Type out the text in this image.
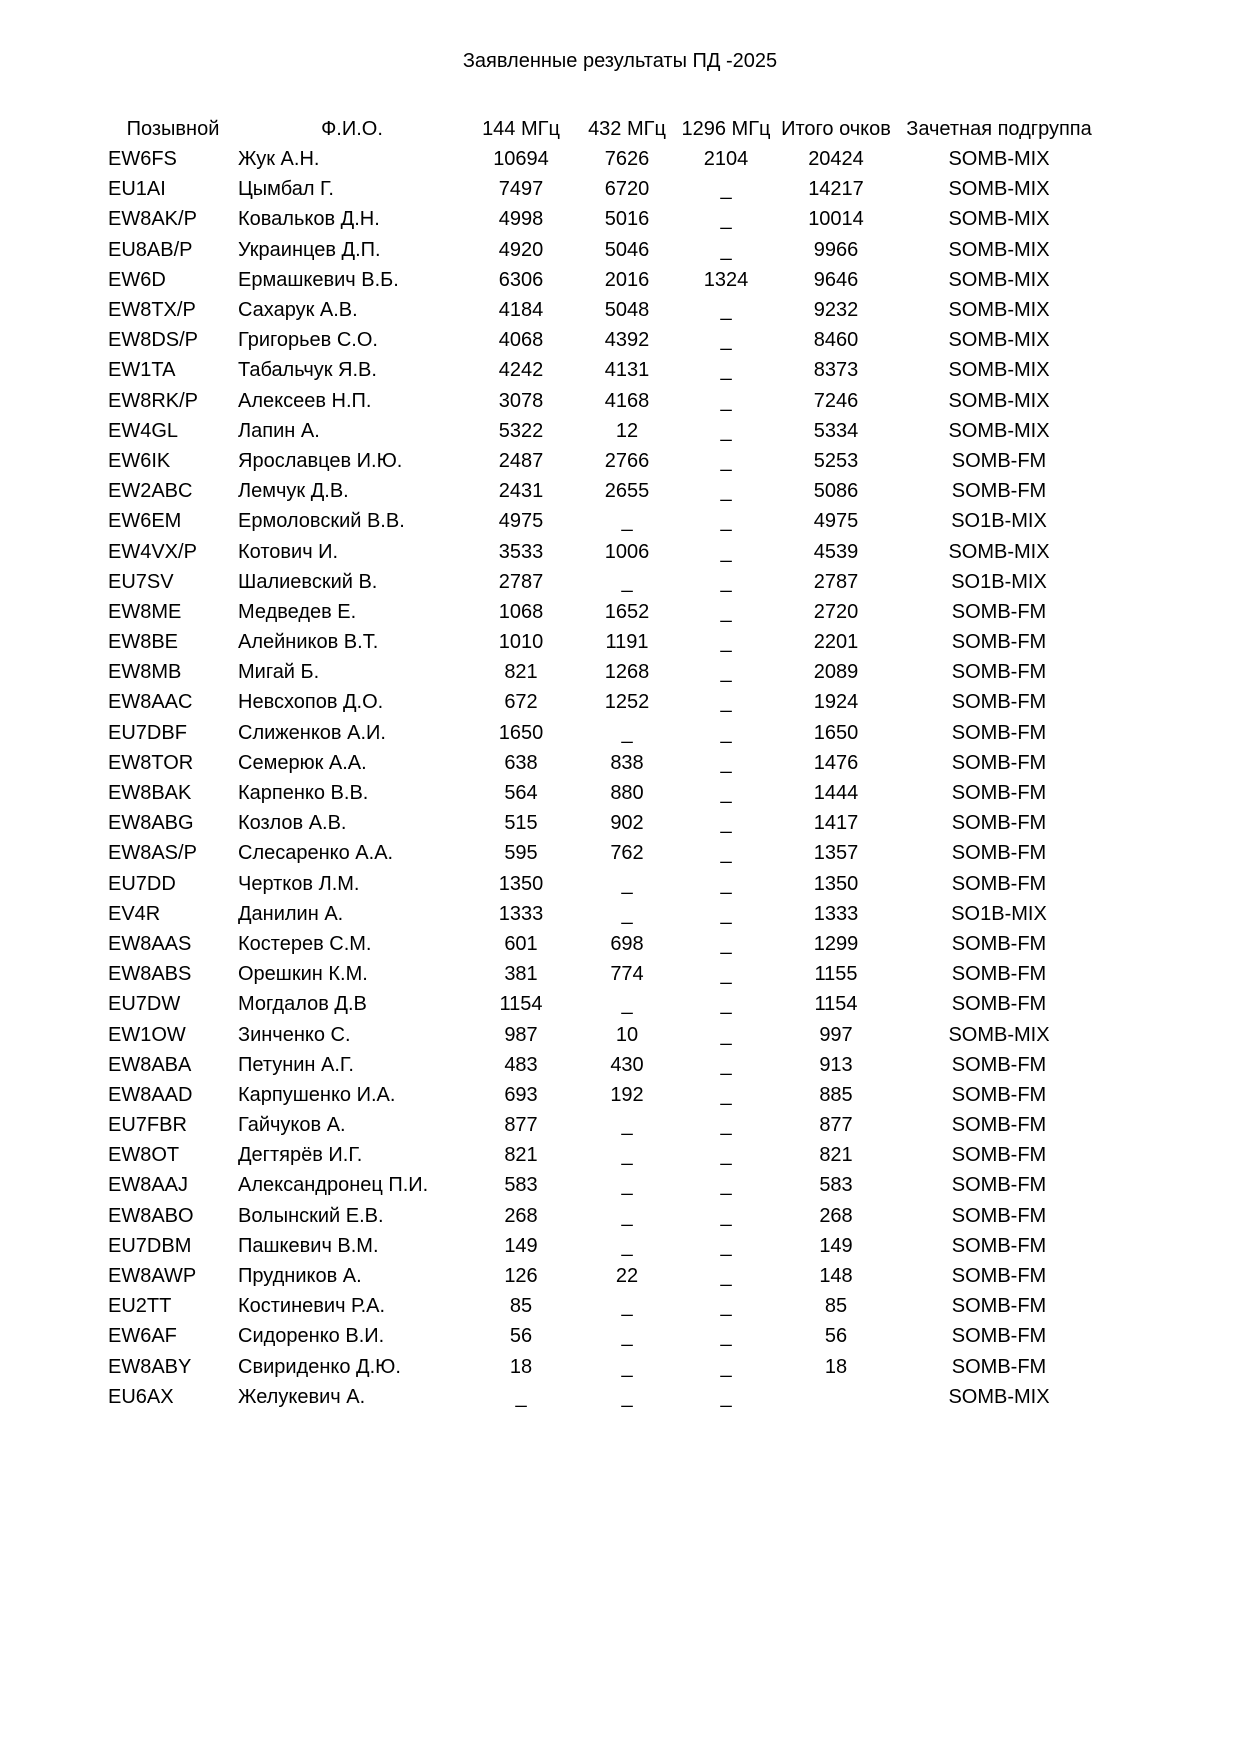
Заявленные результаты ПД -2025
Позывной	Ф.И.О.	144 МГц	432 МГц	1296 МГц	Итого очков	Зачетная подгруппа
EW6FS	Жук А.Н.	10694	7626	2104	20424	SOMB-MIX
EU1AI	Цымбал Г.	7497	6720	_	14217	SOMB-MIX
EW8AK/P	Ковальков Д.Н.	4998	5016	_	10014	SOMB-MIX
EU8AB/P	Украинцев Д.П.	4920	5046	_	9966	SOMB-MIX
EW6D	Ермашкевич В.Б.	6306	2016	1324	9646	SOMB-MIX
EW8TX/P	Сахарук А.В.	4184	5048	_	9232	SOMB-MIX
EW8DS/P	Григорьев С.О.	4068	4392	_	8460	SOMB-MIX
EW1TA	Табальчук Я.В.	4242	4131	_	8373	SOMB-MIX
EW8RK/P	Алексеев Н.П.	3078	4168	_	7246	SOMB-MIX
EW4GL	Лапин А.	5322	12	_	5334	SOMB-MIX
EW6IK	Ярославцев И.Ю.	2487	2766	_	5253	SOMB-FM
EW2ABC	Лемчук Д.В.	2431	2655	_	5086	SOMB-FM
EW6EM	Ермоловский В.В.	4975	_	_	4975	SO1B-MIX
EW4VX/P	Котович И.	3533	1006	_	4539	SOMB-MIX
EU7SV	Шалиевский В.	2787	_	_	2787	SO1B-MIX
EW8ME	Медведев Е.	1068	1652	_	2720	SOMB-FM
EW8BE	Алейников В.Т.	1010	1191	_	2201	SOMB-FM
EW8MB	Мигай Б.	821	1268	_	2089	SOMB-FM
EW8AAC	Невсхопов Д.О.	672	1252	_	1924	SOMB-FM
EU7DBF	Слиженков А.И.	1650	_	_	1650	SOMB-FM
EW8TOR	Семерюк А.А.	638	838	_	1476	SOMB-FM
EW8BAK	Карпенко В.В.	564	880	_	1444	SOMB-FM
EW8ABG	Козлов А.В.	515	902	_	1417	SOMB-FM
EW8AS/P	Слесаренко А.А.	595	762	_	1357	SOMB-FM
EU7DD	Чертков Л.М.	1350	_	_	1350	SOMB-FM
EV4R	Данилин А.	1333	_	_	1333	SO1B-MIX
EW8AAS	Костерев С.М.	601	698	_	1299	SOMB-FM
EW8ABS	Орешкин К.М.	381	774	_	1155	SOMB-FM
EU7DW	Могдалов Д.В	1154	_	_	1154	SOMB-FM
EW1OW	Зинченко С.	987	10	_	997	SOMB-MIX
EW8ABA	Петунин А.Г.	483	430	_	913	SOMB-FM
EW8AAD	Карпушенко И.А.	693	192	_	885	SOMB-FM
EU7FBR	Гайчуков А.	877	_	_	877	SOMB-FM
EW8OT	Дегтярёв И.Г.	821	_	_	821	SOMB-FM
EW8AAJ	Александронец П.И.	583	_	_	583	SOMB-FM
EW8ABO	Волынский Е.В.	268	_	_	268	SOMB-FM
EU7DBM	Пашкевич В.М.	149	_	_	149	SOMB-FM
EW8AWP	Прудников А.	126	22	_	148	SOMB-FM
EU2TT	Костиневич Р.А.	85	_	_	85	SOMB-FM
EW6AF	Сидоренко В.И.	56	_	_	56	SOMB-FM
EW8ABY	Свириденко Д.Ю.	18	_	_	18	SOMB-FM
EU6AX	Желукевич А.	_	_	_		SOMB-MIX
